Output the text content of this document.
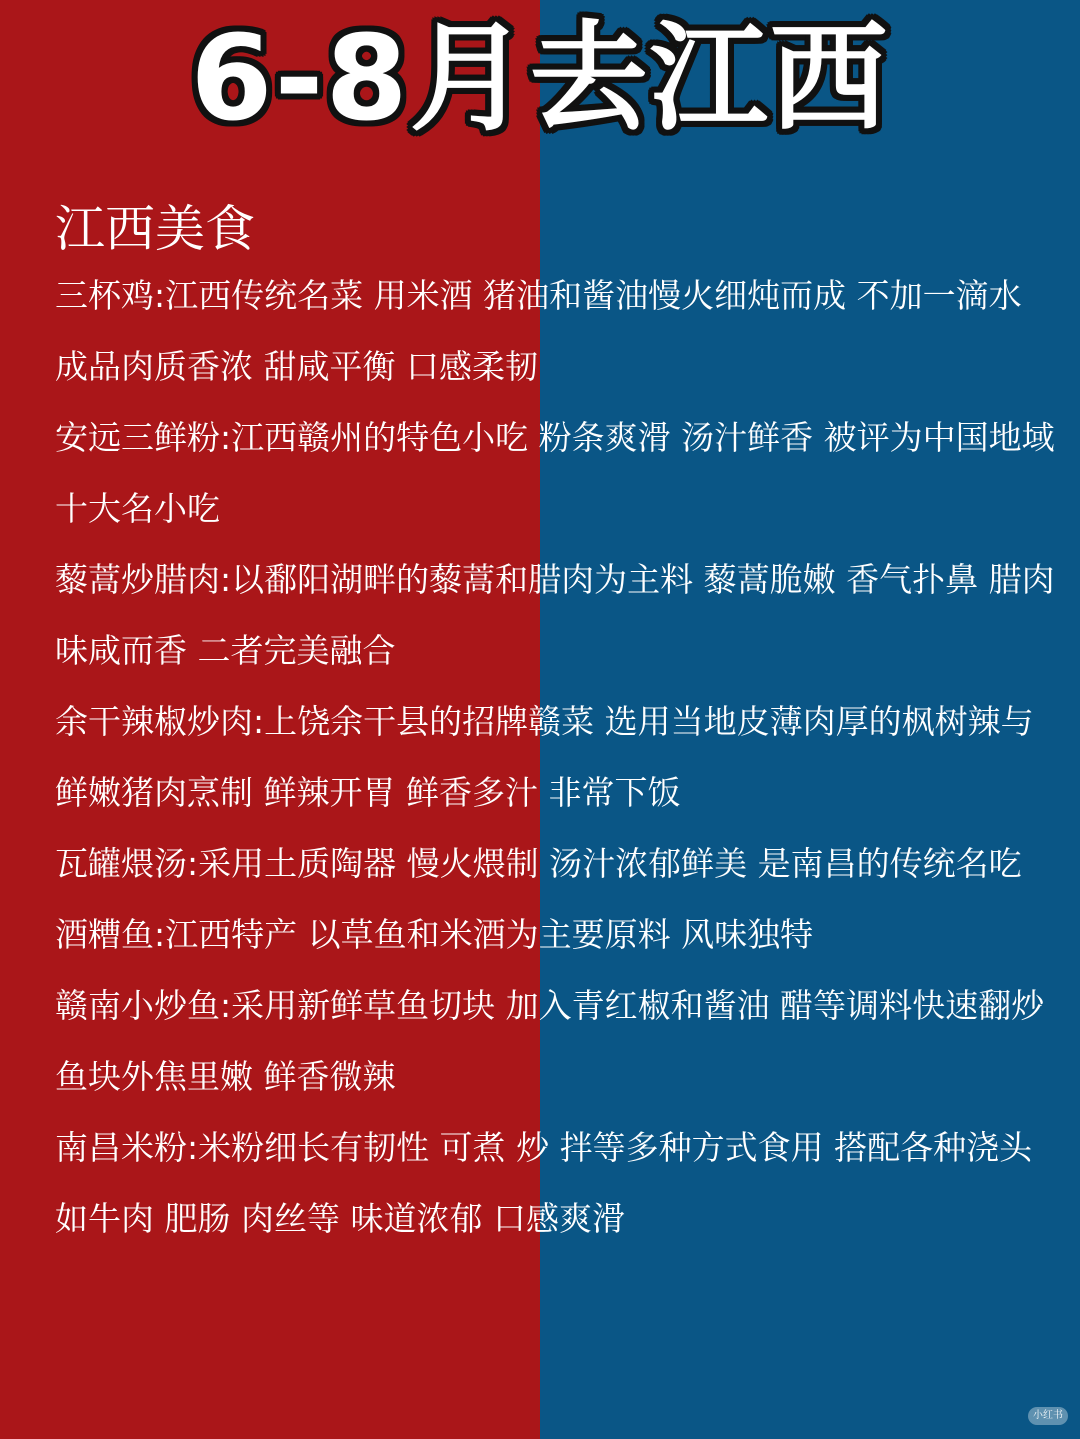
6-8月去江西
江西美食

三杯鸡:江西传统名菜 用米酒 猪油和酱油慢火细炖而成 不加一滴水 成品肉质香浓 甜咸平衡 口感柔韧

安远三鲜粉:江西赣州的特色小吃 粉条爽滑 汤汁鲜香 被评为中国地域十大名小吃

藜蒿炒腊肉:以鄱阳湖畔的藜蒿和腊肉为主料 藜蒿脆嫩 香气扑鼻 腊肉味咸而香 二者完美融合

余干辣椒炒肉:上饶余干县的招牌赣菜 选用当地皮薄肉厚的枫树辣与鲜嫩猪肉烹制 鲜辣开胃 鲜香多汁 非常下饭

瓦罐煨汤:采用土质陶器 慢火煨制 汤汁浓郁鲜美 是南昌的传统名吃

酒糟鱼:江西特产 以草鱼和米酒为主要原料 风味独特

赣南小炒鱼:采用新鲜草鱼切块 加入青红椒和酱油 醋等调料快速翻炒 鱼块外焦里嫩 鲜香微辣

南昌米粉:米粉细长有韧性 可煮 炒 拌等多种方式食用 搭配各种浇头 如牛肉 肥肠 肉丝等 味道浓郁 口感爽滑

小红书
